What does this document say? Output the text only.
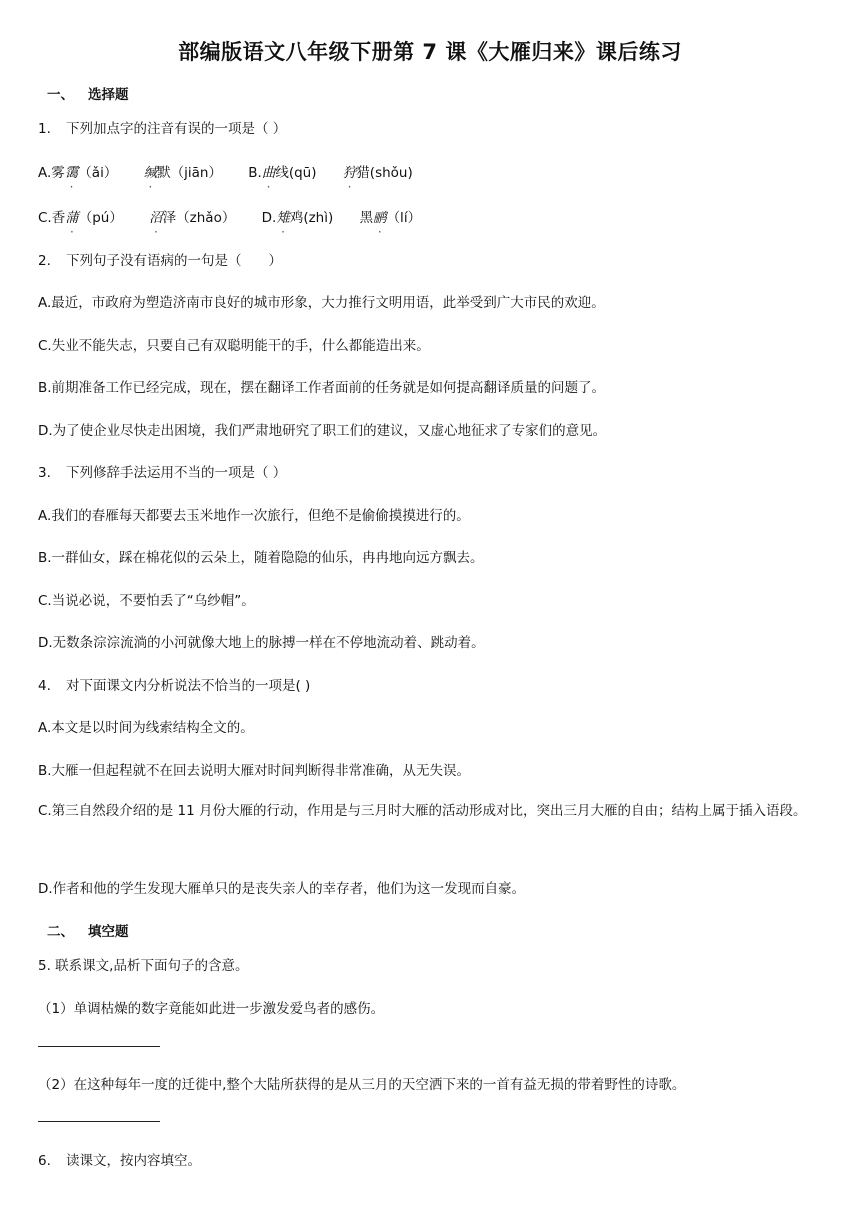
部编版语文八年级下册第 7 课《大雁归来》课后练习
一、 选择题
1. 下列加点字的注音有误的一项是（ ）
A.雾霭（ǎi） 缄默（jiān） B.曲线(qū) 狩猎(shǒu)
C.香蒲（pú） 沼泽（zhǎo） D.雉鸡(zhì) 黑鹂（lí）
2. 下列句子没有语病的一句是（　　）
A.最近，市政府为塑造济南市良好的城市形象，大力推行文明用语，此举受到广大市民的欢迎。
C.失业不能失志，只要自己有双聪明能干的手，什么都能造出来。
B.前期准备工作已经完成，现在，摆在翻译工作者面前的任务就是如何提高翻译质量的问题了。
D.为了使企业尽快走出困境，我们严肃地研究了职工们的建议，又虚心地征求了专家们的意见。
3. 下列修辞手法运用不当的一项是（ ）
A.我们的春雁每天都要去玉米地作一次旅行，但绝不是偷偷摸摸进行的。
B.一群仙女，踩在棉花似的云朵上，随着隐隐的仙乐，冉冉地向远方飘去。
C.当说必说，不要怕丢了“乌纱帽”。
D.无数条淙淙流淌的小河就像大地上的脉搏一样在不停地流动着、跳动着。
4. 对下面课文内分析说法不恰当的一项是( )
A.本文是以时间为线索结构全文的。
B.大雁一但起程就不在回去说明大雁对时间判断得非常准确，从无失误。
C.第三自然段介绍的是 11 月份大雁的行动，作用是与三月时大雁的活动形成对比，突出三月大雁的自由；结构上属于插入语段。
D.作者和他的学生发现大雁单只的是丧失亲人的幸存者，他们为这一发现而自豪。
二、 填空题
5. 联系课文,品析下面句子的含意。
（1）单调枯燥的数字竟能如此进一步激发爱鸟者的感伤。
（2）在这种每年一度的迁徙中,整个大陆所获得的是从三月的天空洒下来的一首有益无损的带着野性的诗歌。
6. 读课文，按内容填空。
